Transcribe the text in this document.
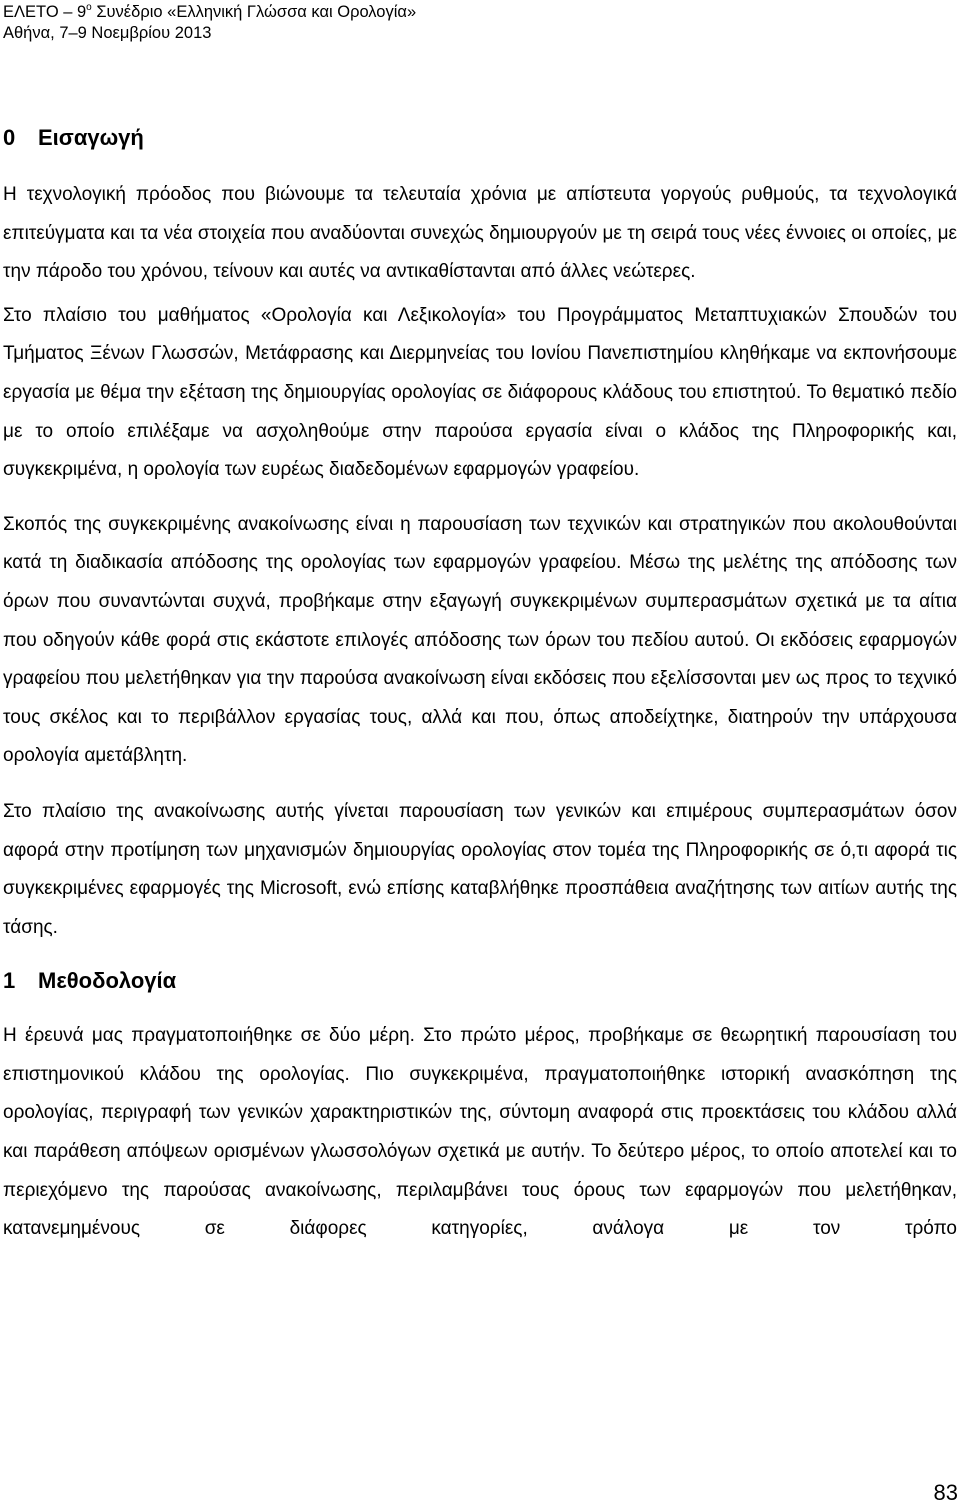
ΕΛΕΤΟ – $9^o$ Συνέδριο «Ελληνική Γλώσσα και Ορολογία»
Αθήνα, 7–9 Νοεμβρίου 2013
0 Εισαγωγή

Η τεχνολογική πρόοδος που βιώνουμε τα τελευταία χρόνια με απίστευτα γοργούς ρυθμούς, τα τεχνολογικά επιτεύγματα και τα νέα στοιχεία που αναδύονται συνεχώς δημιουργούν με τη σειρά τους νέες έννοιες οι οποίες, με την πάροδο του χρόνου, τείνουν και αυτές να αντικαθίστανται από άλλες νεώτερες.

Στο πλαίσιο του μαθήματος «Ορολογία και Λεξικολογία» του Προγράμματος Μεταπτυχιακών Σπουδών του Τμήματος Ξένων Γλωσσών, Μετάφρασης και Διερμηνείας του Ιονίου Πανεπιστημίου κληθήκαμε να εκπονήσουμε εργασία με θέμα την εξέταση της δημιουργίας ορολογίας σε διάφορους κλάδους του επιστητού. Το θεματικό πεδίο με το οποίο επιλέξαμε να ασχοληθούμε στην παρούσα εργασία είναι ο κλάδος της Πληροφορικής και, συγκεκριμένα, η ορολογία των ευρέως διαδεδομένων εφαρμογών γραφείου.

Σκοπός της συγκεκριμένης ανακοίνωσης είναι η παρουσίαση των τεχνικών και στρατηγικών που ακολουθούνται κατά τη διαδικασία απόδοσης της ορολογίας των εφαρμογών γραφείου. Μέσω της μελέτης της απόδοσης των όρων που συναντώνται συχνά, προβήκαμε στην εξαγωγή συγκεκριμένων συμπερασμάτων σχετικά με τα αίτια που οδηγούν κάθε φορά στις εκάστοτε επιλογές απόδοσης των όρων του πεδίου αυτού. Οι εκδόσεις εφαρμογών γραφείου που μελετήθηκαν για την παρούσα ανακοίνωση είναι εκδόσεις που εξελίσσονται μεν ως προς το τεχνικό τους σκέλος και το περιβάλλον εργασίας τους, αλλά και που, όπως αποδείχτηκε, διατηρούν την υπάρχουσα ορολογία αμετάβλητη.

Στο πλαίσιο της ανακοίνωσης αυτής γίνεται παρουσίαση των γενικών και επιμέρους συμπερασμάτων όσον αφορά στην προτίμηση των μηχανισμών δημιουργίας ορολογίας στον τομέα της Πληροφορικής σε ό,τι αφορά τις συγκεκριμένες εφαρμογές της Microsoft, ενώ επίσης καταβλήθηκε προσπάθεια αναζήτησης των αιτίων αυτής της τάσης.

1 Μεθοδολογία

Η έρευνά μας πραγματοποιήθηκε σε δύο μέρη. Στο πρώτο μέρος, προβήκαμε σε θεωρητική παρουσίαση του επιστημονικού κλάδου της ορολογίας. Πιο συγκεκριμένα, πραγματοποιήθηκε ιστορική ανασκόπηση της ορολογίας, περιγραφή των γενικών χαρακτηριστικών της, σύντομη αναφορά στις προεκτάσεις του κλάδου αλλά και παράθεση απόψεων ορισμένων γλωσσολόγων σχετικά με αυτήν. Το δεύτερο μέρος, το οποίο αποτελεί και το περιεχόμενο της παρούσας ανακοίνωσης, περιλαμβάνει τους όρους των εφαρμογών που μελετήθηκαν, κατανεμημένους σε διάφορες κατηγορίες, ανάλογα με τον τρόπο

83
